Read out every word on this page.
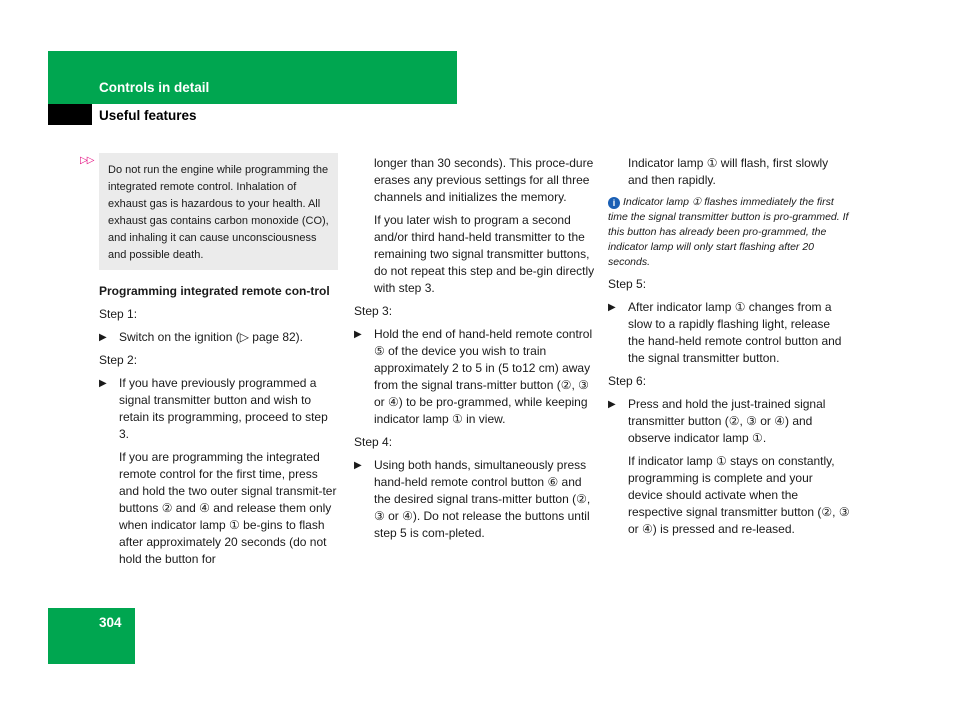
Controls in detail
Useful features
▷▷

Do not run the engine while programming the integrated remote control. Inhalation of exhaust gas is hazardous to your health. All exhaust gas contains carbon monoxide (CO), and inhaling it can cause unconsciousness and possible death.

Programming integrated remote con-trol

Step 1:

▶ Switch on the ignition (▷ page 82).

Step 2:

▶ If you have previously programmed a signal transmitter button and wish to retain its programming, proceed to step 3.

If you are programming the integrated remote control for the first time, press and hold the two outer signal transmit-ter buttons ② and ④ and release them only when indicator lamp ① be-gins to flash after approximately 20 seconds (do not hold the button for

longer than 30 seconds). This proce-dure erases any previous settings for all three channels and initializes the memory.

If you later wish to program a second and/or third hand-held transmitter to the remaining two signal transmitter buttons, do not repeat this step and be-gin directly with step 3.

Step 3:

▶ Hold the end of hand-held remote control ⑤ of the device you wish to train approximately 2 to 5 in (5 to12 cm) away from the signal trans-mitter button (②, ③ or ④) to be pro-grammed, while keeping indicator lamp ① in view.

Step 4:

▶ Using both hands, simultaneously press hand-held remote control button ⑥ and the desired signal trans-mitter button (②, ③ or ④). Do not release the buttons until step 5 is com-pleted.

Indicator lamp ① will flash, first slowly and then rapidly.

i Indicator lamp ① flashes immediately the first time the signal transmitter button is pro-grammed. If this button has already been pro-grammed, the indicator lamp will only start flashing after 20 seconds.

Step 5:

▶ After indicator lamp ① changes from a slow to a rapidly flashing light, release the hand-held remote control button and the signal transmitter button.

Step 6:

▶ Press and hold the just-trained signal transmitter button (②, ③ or ④) and observe indicator lamp ①.

If indicator lamp ① stays on constantly, programming is complete and your device should activate when the respective signal transmitter button (②, ③ or ④) is pressed and re-leased.

304
